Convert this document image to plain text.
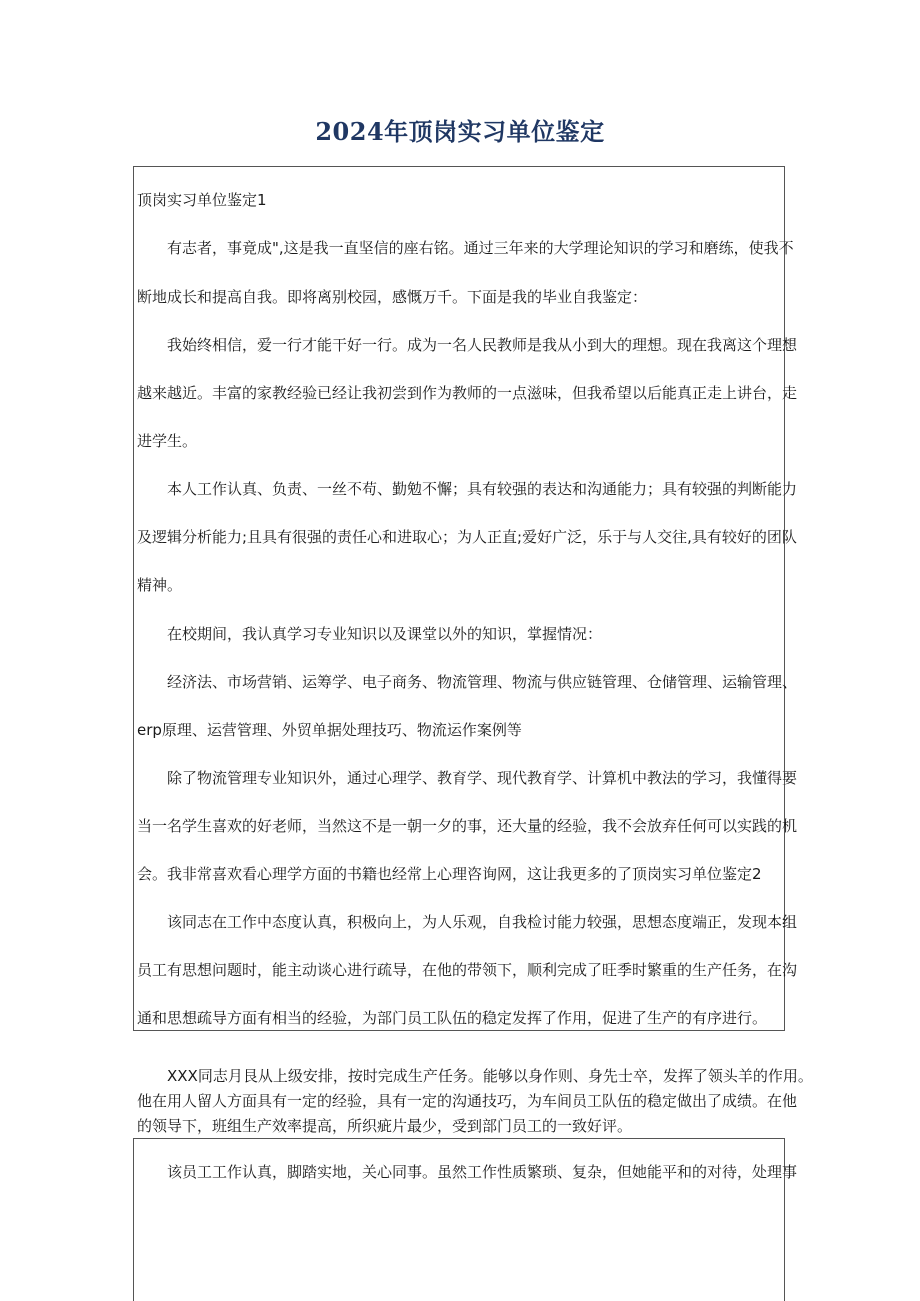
2024年顶岗实习单位鉴定
顶岗实习单位鉴定1
有志者，事竟成",这是我一直坚信的座右铭。通过三年来的大学理论知识的学习和磨练，使我不
断地成长和提高自我。即将离别校园，感慨万千。下面是我的毕业自我鉴定：
我始终相信，爱一行才能干好一行。成为一名人民教师是我从小到大的理想。现在我离这个理想
越来越近。丰富的家教经验已经让我初尝到作为教师的一点滋味，但我希望以后能真正走上讲台，走
进学生。
本人工作认真、负责、一丝不苟、勤勉不懈；具有较强的表达和沟通能力；具有较强的判断能力
及逻辑分析能力;且具有很强的责任心和进取心；为人正直;爱好广泛，乐于与人交往,具有较好的团队
精神。
在校期间，我认真学习专业知识以及课堂以外的知识，掌握情况：
经济法、市场营销、运筹学、电子商务、物流管理、物流与供应链管理、仓储管理、运输管理、
erp原理、运营管理、外贸单据处理技巧、物流运作案例等
除了物流管理专业知识外，通过心理学、教育学、现代教育学、计算机中教法的学习，我懂得要
当一名学生喜欢的好老师，当然这不是一朝一夕的事，还大量的经验，我不会放弃任何可以实践的机
会。我非常喜欢看心理学方面的书籍也经常上心理咨询网，这让我更多的了顶岗实习单位鉴定2
该同志在工作中态度认真，积极向上，为人乐观，自我检讨能力较强，思想态度端正，发现本组
员工有思想问题时，能主动谈心进行疏导，在他的带领下，顺利完成了旺季时繁重的生产任务，在沟
通和思想疏导方面有相当的经验，为部门员工队伍的稳定发挥了作用，促进了生产的有序进行。
XXX同志月艮从上级安排，按时完成生产任务。能够以身作则、身先士卒，发挥了领头羊的作用。
他在用人留人方面具有一定的经验，具有一定的沟通技巧，为车间员工队伍的稳定做出了成绩。在他
的领导下，班组生产效率提高，所织疵片最少，受到部门员工的一致好评。
该员工工作认真，脚踏实地，关心同事。虽然工作性质繁琐、复杂，但她能平和的对待，处理事
